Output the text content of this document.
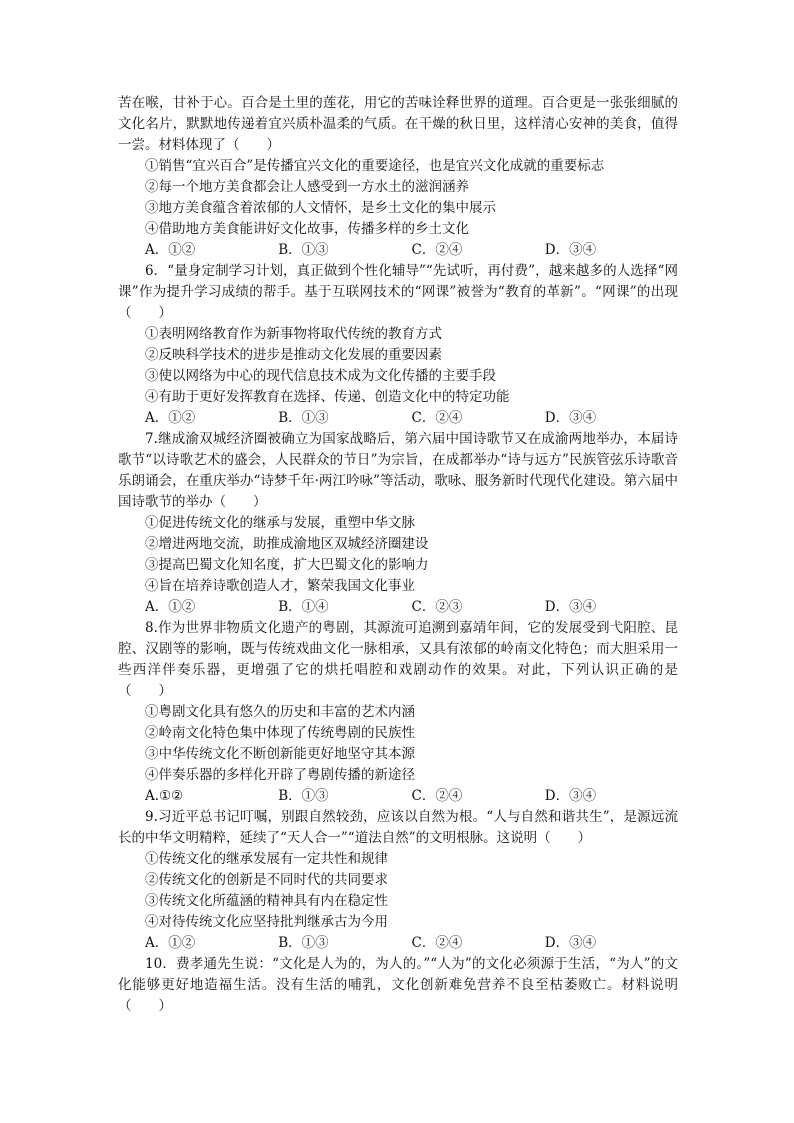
苦在喉，甘补于心。百合是土里的莲花，用它的苦味诠释世界的道理。百合更是一张张细腻的文化名片，默默地传递着宜兴质朴温柔的气质。在干燥的秋日里，这样清心安神的美食，值得一尝。材料体现了（　　）

①销售“宜兴百合”是传播宜兴文化的重要途径，也是宜兴文化成就的重要标志

②每一个地方美食都会让人感受到一方水土的滋润涵养

③地方美食蕴含着浓郁的人文情怀，是乡土文化的集中展示

④借助地方美食能讲好文化故事，传播多样的乡土文化

A．①②	B．①③	C．②④	D．③④

6．“量身定制学习计划，真正做到个性化辅导”“先试听，再付费”，越来越多的人选择“网课”作为提升学习成绩的帮手。基于互联网技术的“网课”被誉为“教育的革新”。“网课”的出现（　　）

①表明网络教育作为新事物将取代传统的教育方式

②反映科学技术的进步是推动文化发展的重要因素

③使以网络为中心的现代信息技术成为文化传播的主要手段

④有助于更好发挥教育在选择、传递、创造文化中的特定功能

A．①②	B．①③	C．②④	D．③④

7.继成渝双城经济圈被确立为国家战略后，第六届中国诗歌节又在成渝两地举办，本届诗歌节“以诗歌艺术的盛会，人民群众的节日”为宗旨，在成都举办“诗与远方”民族管弦乐诗歌音乐朗诵会，在重庆举办“诗梦千年·两江吟咏”等活动，歌咏、服务新时代现代化建设。第六届中国诗歌节的举办（　　）

①促进传统文化的继承与发展，重塑中华文脉

②增进两地交流，助推成渝地区双城经济圈建设

③提高巴蜀文化知名度，扩大巴蜀文化的影响力

④旨在培养诗歌创造人才，繁荣我国文化事业

A．①②	B．①④	C．②③	D．③④

8.作为世界非物质文化遗产的粤剧，其源流可追溯到嘉靖年间，它的发展受到弋阳腔、昆腔、汉剧等的影响，既与传统戏曲文化一脉相承，又具有浓郁的岭南文化特色；而大胆采用一些西洋伴奏乐器，更增强了它的烘托唱腔和戏剧动作的效果。对此，下列认识正确的是（　　）

①粤剧文化具有悠久的历史和丰富的艺术内涵

②岭南文化特色集中体现了传统粤剧的民族性

③中华传统文化不断创新能更好地坚守其本源

④伴奏乐器的多样化开辟了粤剧传播的新途径

A.①②	B．①③	C．②④	D．③④

9.习近平总书记叮嘱，别跟自然较劲，应该以自然为根。“人与自然和谐共生”，是源远流长的中华文明精粹，延续了“天人合一”“道法自然”的文明根脉。这说明（　　）

①传统文化的继承发展有一定共性和规律

②传统文化的创新是不同时代的共同要求

③传统文化所蕴涵的精神具有内在稳定性

④对待传统文化应坚持批判继承古为今用

A．①②	B．①③	C．②④	D．③④

10．费孝通先生说：“文化是人为的，为人的。”“人为”的文化必须源于生活，“为人”的文化能够更好地造福生活。没有生活的哺乳，文化创新难免营养不良至枯萎败亡。材料说明（　　）
